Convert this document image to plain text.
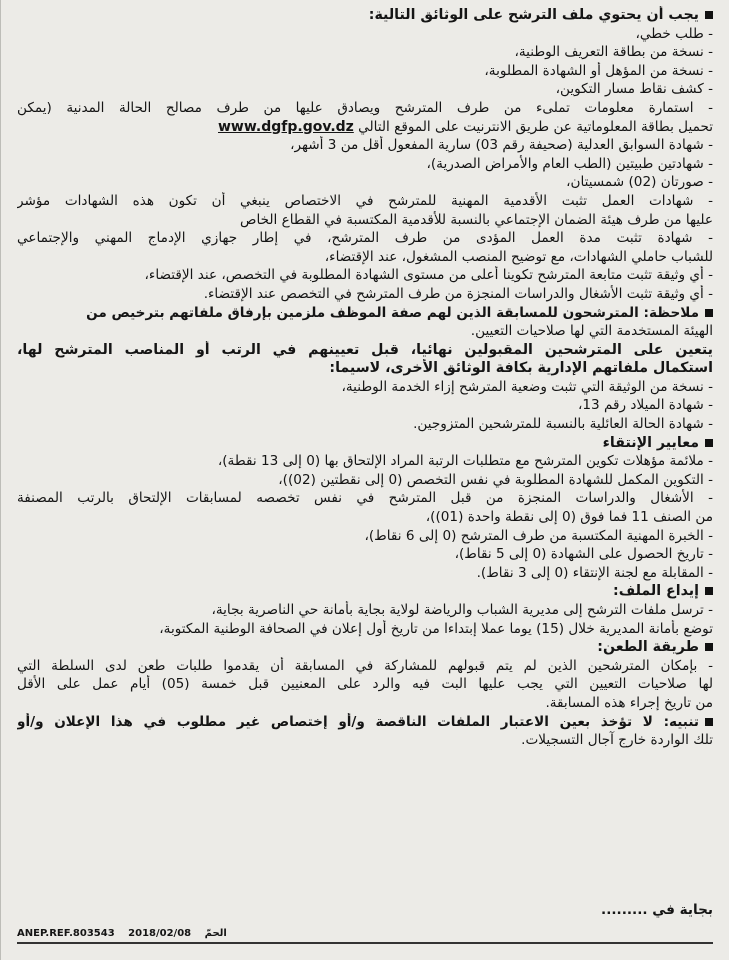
يجب أن يحتوي ملف الترشح على الوثائق التالية:
- طلب خطي،
- نسخة من بطاقة التعريف الوطنية،
- نسخة من المؤهل أو الشهادة المطلوبة،
- كشف نقاط مسار التكوين،
- استمارة معلومات تملىء من طرف المترشح ويصادق عليها من طرف مصالح الحالة المدنية (يمكن
تحميل بطاقة المعلوماتية عن طريق الانترنيت على الموقع التالي www.dgfp.gov.dz
- شهادة السوابق العدلية (صحيفة رقم 03) سارية المفعول أقل من 3 أشهر،
- شهادتين طبيتين (الطب العام والأمراض الصدرية)،
- صورتان (02) شمسيتان،
- شهادات العمل تثبت الأقدمية المهنية للمترشح في الاختصاص ينبغي أن تكون هذه الشهادات مؤشر
عليها من طرف هيئة الضمان الإجتماعي بالنسبة للأقدمية المكتسبة في القطاع الخاص
- شهادة تثبت مدة العمل المؤدى من طرف المترشح، في إطار جهازي الإدماج المهني والإجتماعي
للشباب حاملي الشهادات، مع توضيح المنصب المشغول، عند الإقتضاء،
- أي وثيقة تثبت متابعة المترشح تكوينا أعلى من مستوى الشهادة المطلوبة في التخصص، عند الإقتضاء،
- أي وثيقة تثبت الأشغال والدراسات المنجزة من طرف المترشح في التخصص عند الإقتضاء.
ملاحظة: المترشحون للمسابقة الذين لهم صفة الموظف ملزمين بإرفاق ملفاتهم بترخيص من
الهيئة المستخدمة التي لها صلاحيات التعيين.
يتعين على المترشحين المقبولين نهائيا، قبل تعيينهم في الرتب أو المناصب المترشح لها،
استكمال ملفاتهم الإدارية بكافة الوثائق الأخرى، لاسيما:
- نسخة من الوثيقة التي تثبت وضعية المترشح إزاء الخدمة الوطنية،
- شهادة الميلاد رقم 13،
- شهادة الحالة العائلية بالنسبة للمترشحين المتزوجين.
معايير الإنتقاء
- ملائمة مؤهلات تكوين المترشح مع متطلبات الرتبة المراد الإلتحاق بها (0 إلى 13 نقطة)،
- التكوين المكمل للشهادة المطلوبة في نفس التخصص (0 إلى نقطتين (02))،
- الأشغال والدراسات المنجزة من قبل المترشح في نفس تخصصه لمسابقات الإلتحاق بالرتب المصنفة
من الصنف 11 فما فوق (0 إلى نقطة واحدة (01))،
- الخبرة المهنية المكتسبة من طرف المترشح (0 إلى 6 نقاط)،
- تاريخ الحصول على الشهادة (0 إلى 5 نقاط)،
- المقابلة مع لجنة الإنتقاء (0 إلى 3 نقاط).
إيداع الملف:
- ترسل ملفات الترشح إلى مديرية الشباب والرياضة لولاية بجاية بأمانة حي الناصرية بجاية،
توضع بأمانة المديرية خلال (15) يوما عملا إبتداءا من تاريخ أول إعلان في الصحافة الوطنية المكتوبة،
طريقة الطعن:
- بإمكان المترشحين الذين لم يتم قبولهم للمشاركة في المسابقة أن يقدموا طلبات طعن لدى السلطة التي
لها صلاحيات التعيين التي يجب عليها البت فيه والرد على المعنيين قبل خمسة (05) أيام عمل على الأقل
من تاريخ إجراء هذه المسابقة.
تنبيه: لا تؤخذ بعين الاعتبار الملفات الناقصة و/أو إختصاص غير مطلوب في هذا الإعلان و/أو
تلك الواردة خارج آجال التسجيلات.
بجاية في .........
ANEP.REF.803543 2018/02/08 الحمّ
